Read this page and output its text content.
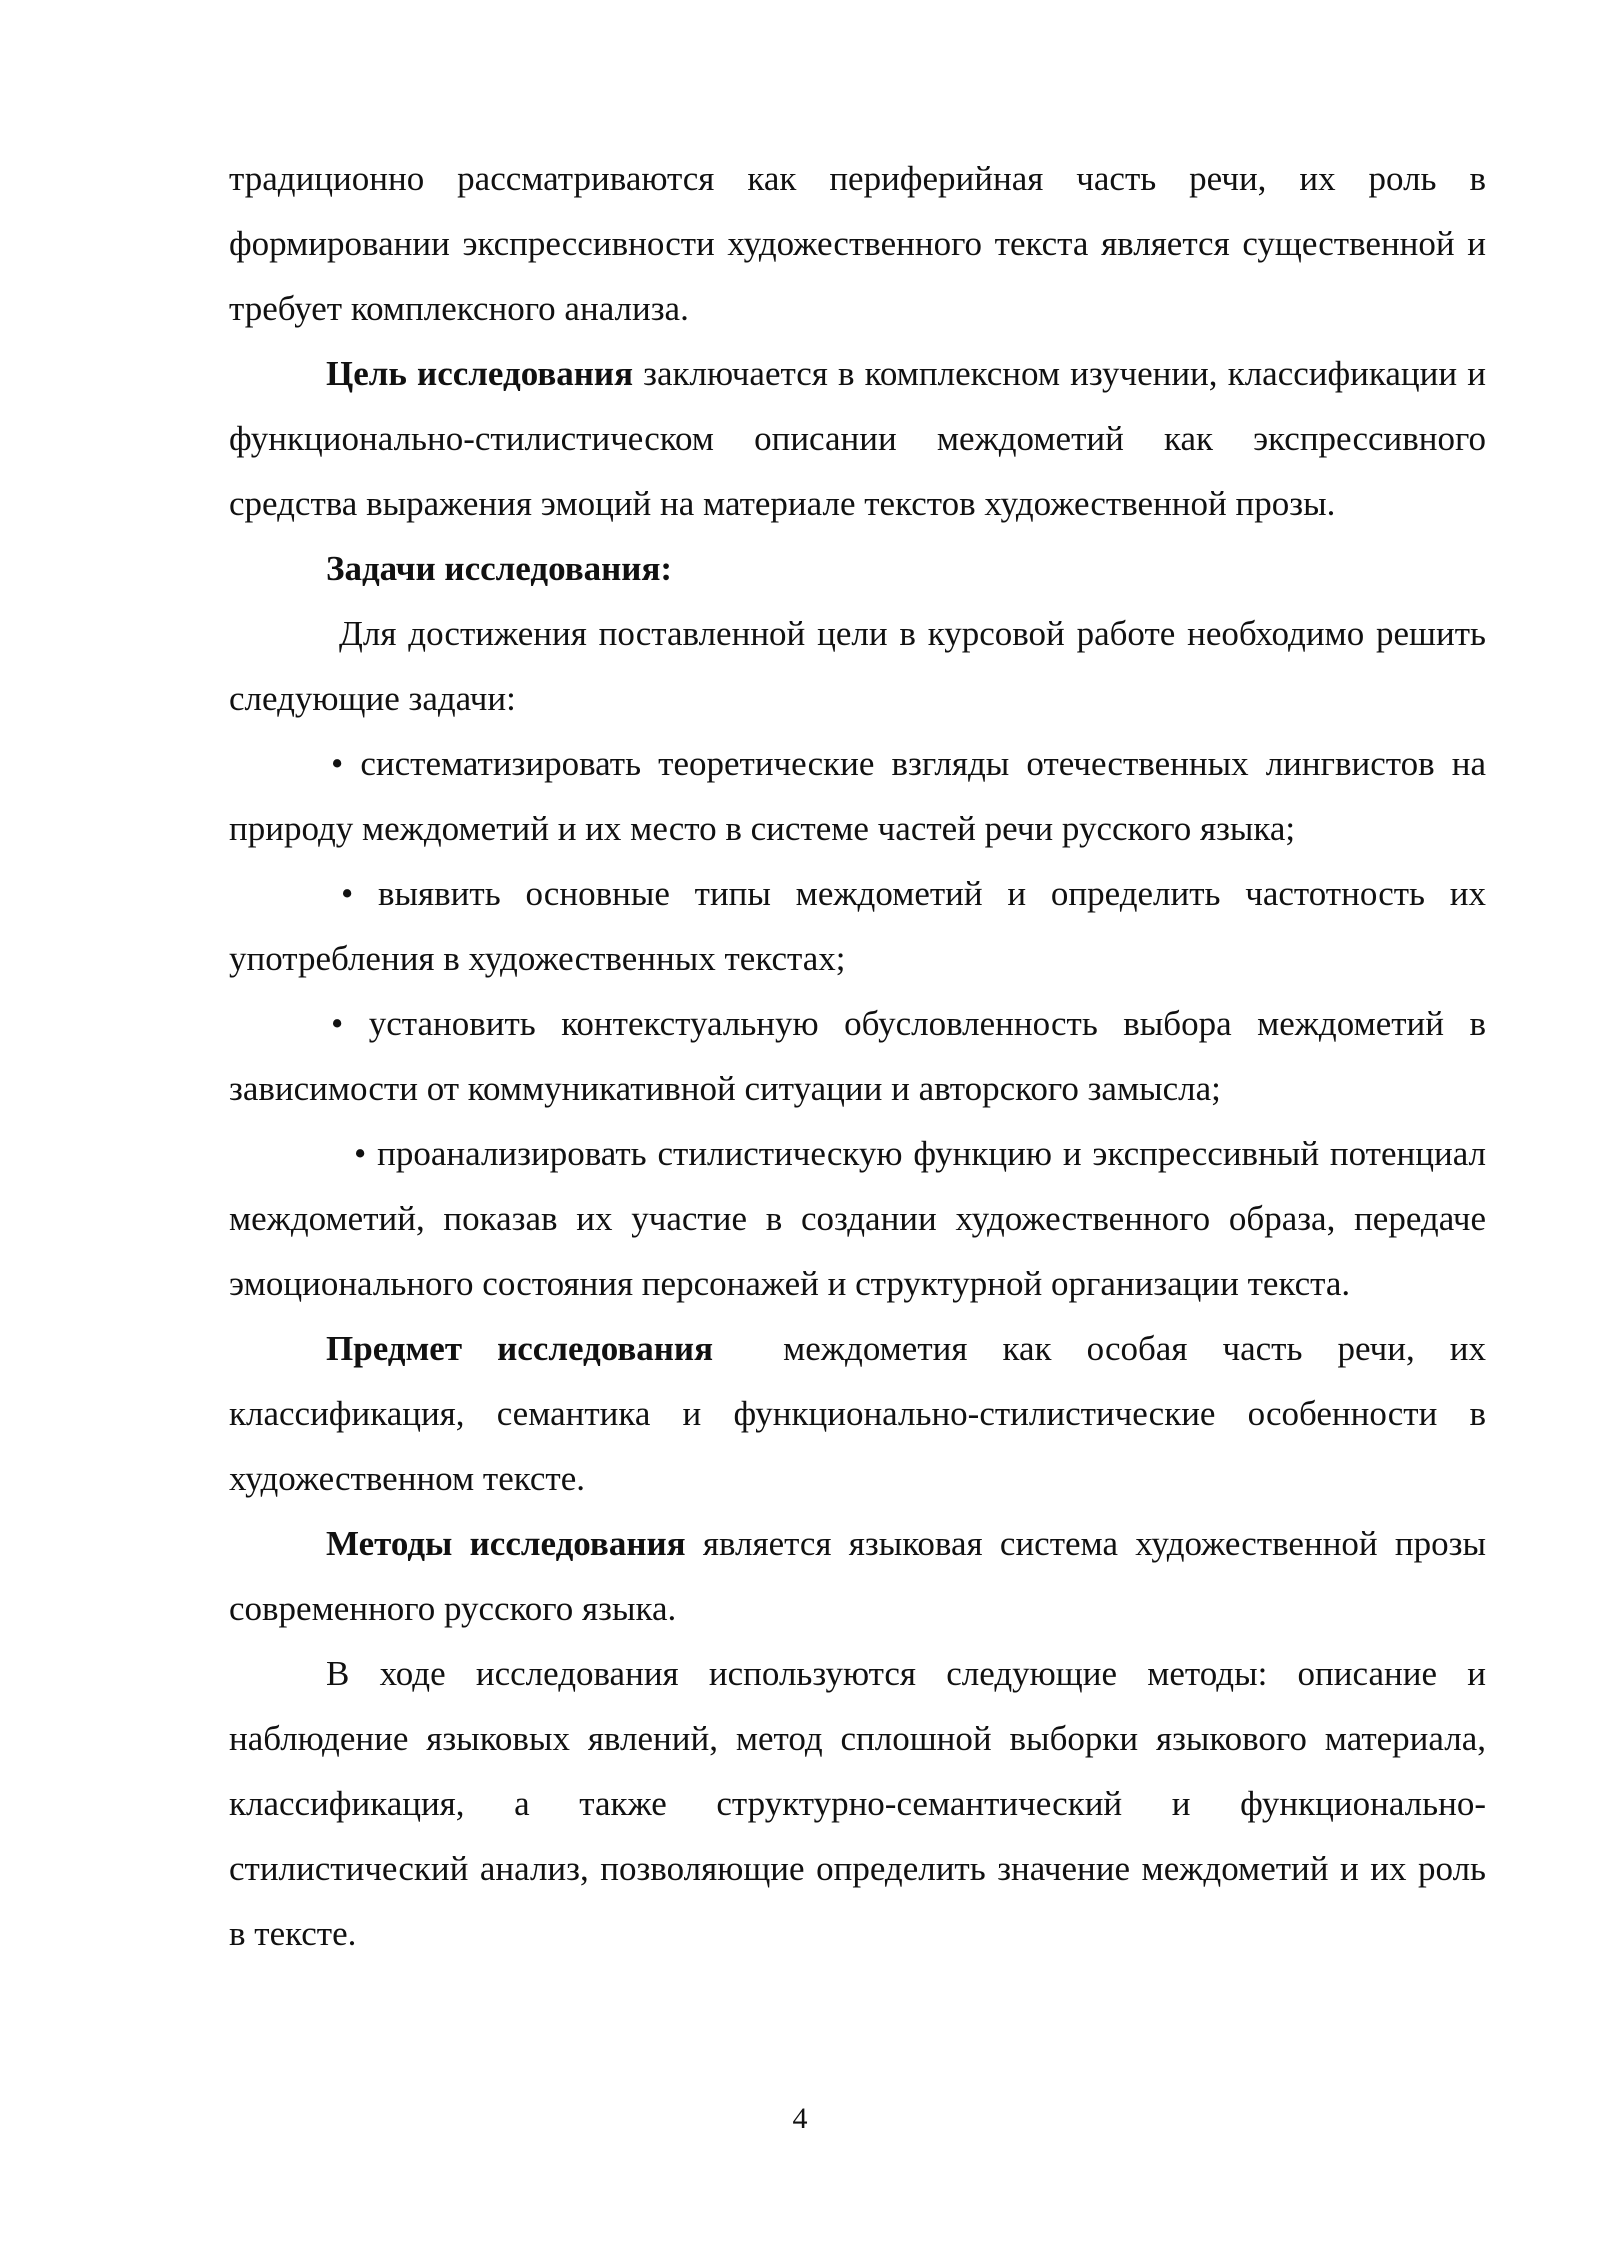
традиционно рассматриваются как периферийная часть речи, их роль в формировании экспрессивности художественного текста является существенной и требует комплексного анализа.

Цель исследования заключается в комплексном изучении, классификации и функционально-стилистическом описании междометий как экспрессивного средства выражения эмоций на материале текстов художественной прозы.

Задачи исследования:

Для достижения поставленной цели в курсовой работе необходимо решить следующие задачи:

• систематизировать теоретические взгляды отечественных лингвистов на природу междометий и их место в системе частей речи русского языка;

• выявить основные типы междометий и определить частотность их употребления в художественных текстах;

• установить контекстуальную обусловленность выбора междометий в зависимости от коммуникативной ситуации и авторского замысла;

• проанализировать стилистическую функцию и экспрессивный потенциал междометий, показав их участие в создании художественного образа, передаче эмоционального состояния персонажей и структурной организации текста.

Предмет исследования  междометия как особая часть речи, их классификация, семантика и функционально-стилистические особенности в художественном тексте.

Методы исследования является языковая система художественной прозы современного русского языка.

В ходе исследования используются следующие методы: описание и наблюдение языковых явлений, метод сплошной выборки языкового материала, классификация, а также структурно-семантический и функционально-стилистический анализ, позволяющие определить значение междометий и их роль в тексте.

4
